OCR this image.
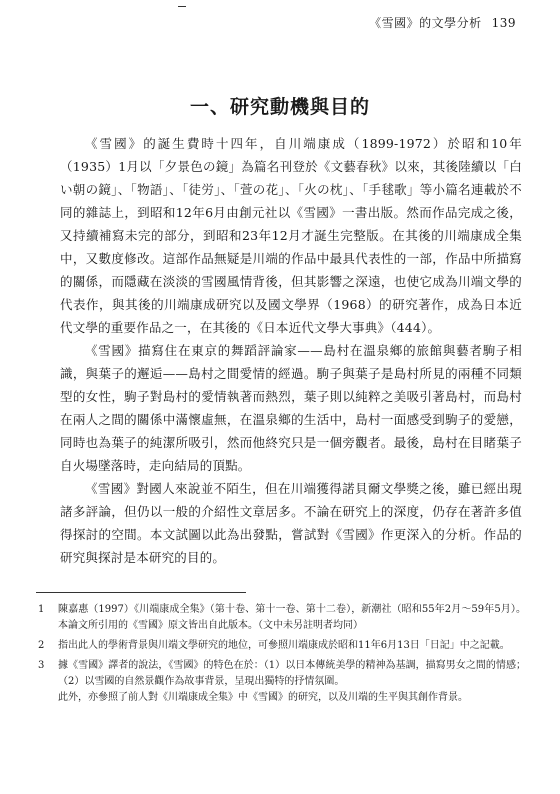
《雪國》的文學分析 139
一、研究動機與目的

《雪國》的誕生費時十四年，自川端康成（1899-1972）於昭和10年（1935）1月以「夕景色の鏡」為篇名刊登於《文藝春秋》以來，其後陸續以「白い朝の鏡」、「物語」、「徒労」、「萱の花」、「火の枕」、「手毬歌」等小篇名連載於不同的雜誌上，到昭和12年6月由創元社以《雪國》一書出版。然而作品完成之後，又持續補寫未完的部分，到昭和23年12月才誕生完整版。在其後的川端康成全集中，又數度修改。這部作品無疑是川端的作品中最具代表性的一部，作品中所描寫的關係，而隱藏在淡淡的雪國風情背後，但其影響之深遠，也使它成為川端文學的代表作，與其後的川端康成研究以及國文學界（1968）的研究著作，成為日本近代文學的重要作品之一，在其後的《日本近代文學大事典》（444）。

《雪國》描寫住在東京的舞蹈評論家——島村在溫泉鄉的旅館與藝者駒子相識，與葉子的邂逅——島村之間愛情的經過。駒子與葉子是島村所見的兩種不同類型的女性，駒子對島村的愛情執著而熱烈，葉子則以純粹之美吸引著島村，而島村在兩人之間的關係中滿懷虛無，在溫泉鄉的生活中，島村一面感受到駒子的愛戀，同時也為葉子的純潔所吸引，然而他終究只是一個旁觀者。最後，島村在目睹葉子自火場墜落時，走向結局的頂點。

《雪國》對國人來說並不陌生，但在川端獲得諾貝爾文學獎之後，雖已經出現諸多評論，但仍以一般的介紹性文章居多。不論在研究上的深度，仍存在著許多值得探討的空間。本文試圖以此為出發點，嘗試對《雪國》作更深入的分析。作品的研究與探討是本研究的目的。

1 陳嘉惠（1997）《川端康成全集》（第十卷、第十一卷、第十二卷），新潮社（昭和55年2月～59年5月）。本論文所引用的《雪國》原文皆出自此版本。（文中未另註明者均同）
2 指出此人的學術背景與川端文學研究的地位，可參照川端康成於昭和11年6月13日「日記」中之記載。
3 據《雪國》譯者的說法，《雪國》的特色在於：（1）以日本傳統美學的精神為基調，描寫男女之間的情感；（2）以雪國的自然景觀作為故事背景，呈現出獨特的抒情氛圍。
此外，亦參照了前人對《川端康成全集》中《雪國》的研究，以及川端的生平與其創作背景。
